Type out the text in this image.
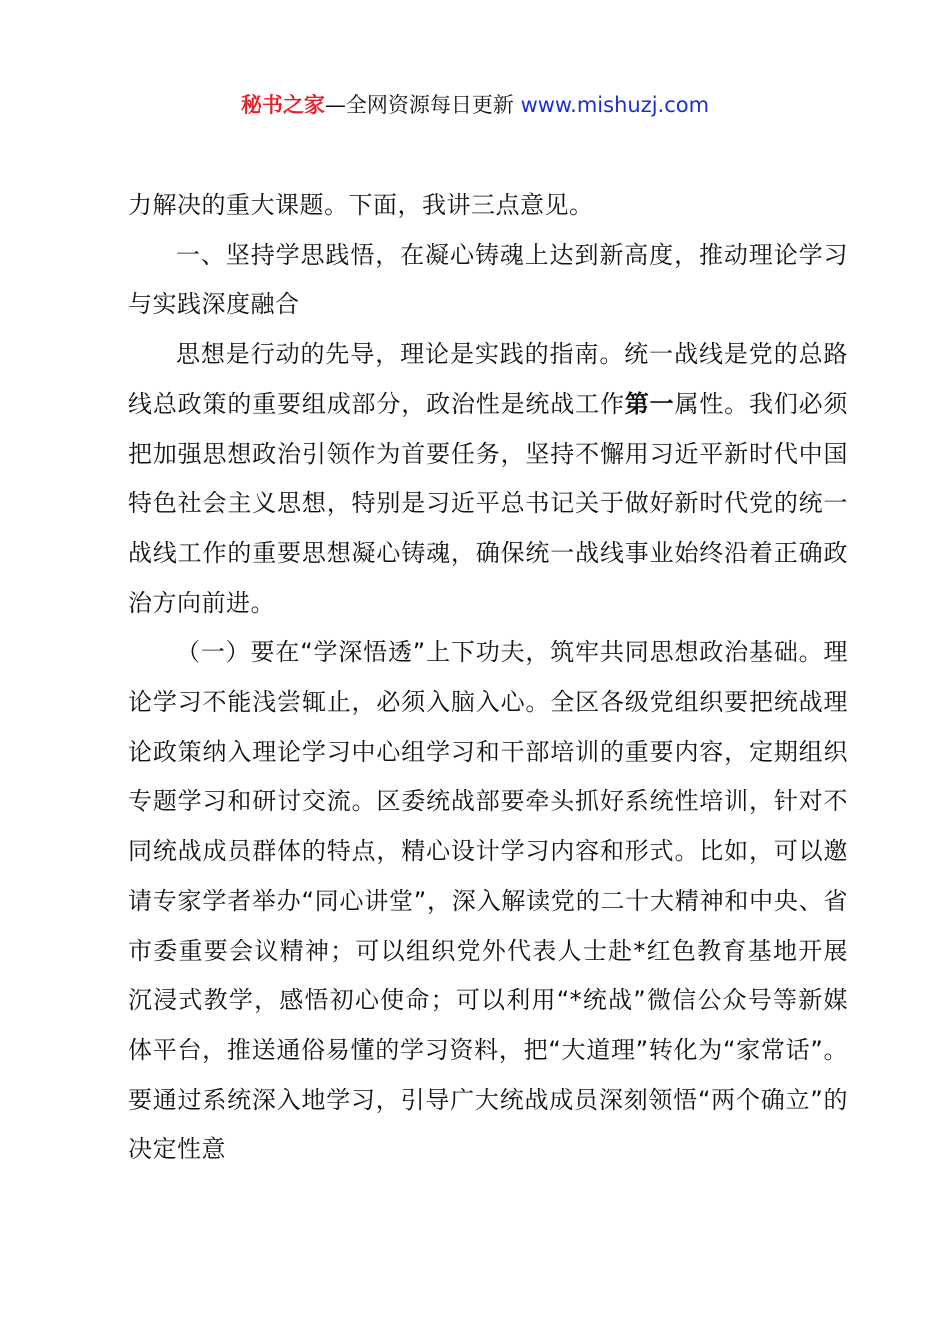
秘书之家—全网资源每日更新 www.mishuzj.com

力解决的重大课题。下面，我讲三点意见。

一、坚持学思践悟，在凝心铸魂上达到新高度，推动理论学习与实践深度融合

思想是行动的先导，理论是实践的指南。统一战线是党的总路线总政策的重要组成部分，政治性是统战工作第一属性。我们必须把加强思想政治引领作为首要任务，坚持不懈用习近平新时代中国特色社会主义思想，特别是习近平总书记关于做好新时代党的统一战线工作的重要思想凝心铸魂，确保统一战线事业始终沿着正确政治方向前进。

（一）要在“学深悟透”上下功夫，筑牢共同思想政治基础。理论学习不能浅尝辄止，必须入脑入心。全区各级党组织要把统战理论政策纳入理论学习中心组学习和干部培训的重要内容，定期组织专题学习和研讨交流。区委统战部要牵头抓好系统性培训，针对不同统战成员群体的特点，精心设计学习内容和形式。比如，可以邀请专家学者举办“同心讲堂”，深入解读党的二十大精神和中央、省市委重要会议精神；可以组织党外代表人士赴*红色教育基地开展沉浸式教学，感悟初心使命；可以利用“*统战”微信公众号等新媒体平台，推送通俗易懂的学习资料，把“大道理”转化为“家常话”。要通过系统深入地学习，引导广大统战成员深刻领悟“两个确立”的决定性意
